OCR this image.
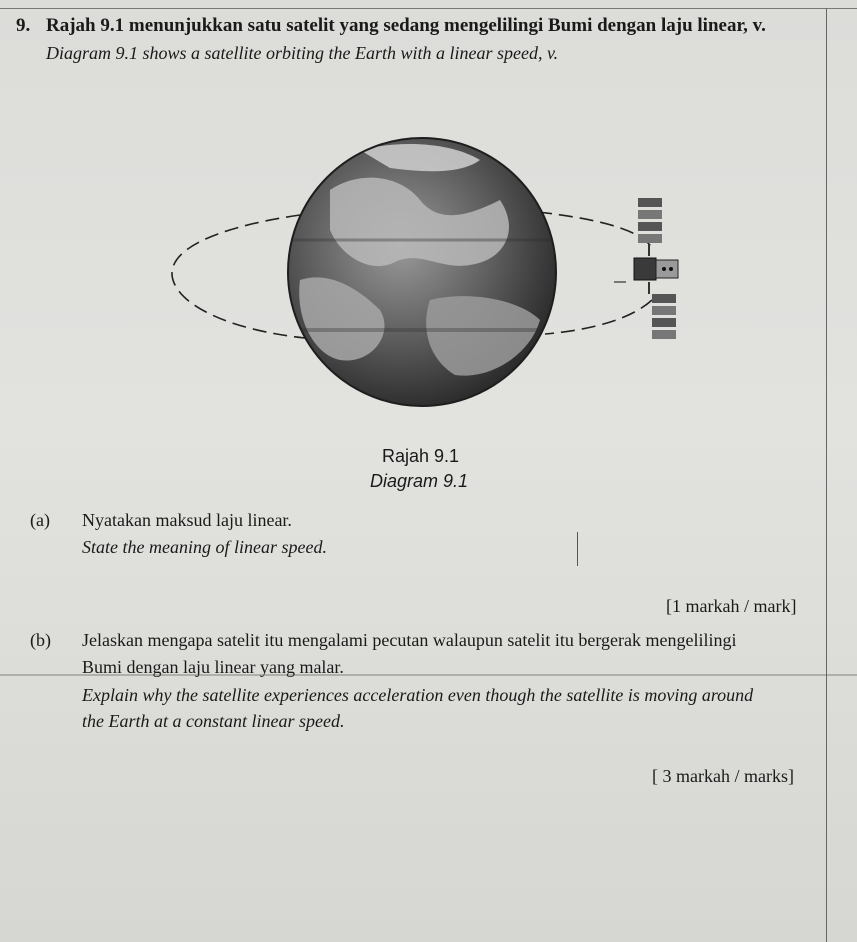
9. Rajah 9.1 menunjukkan satu satelit yang sedang mengelilingi Bumi dengan laju linear, v.
Diagram 9.1 shows a satellite orbiting the Earth with a linear speed, v.
Rajah 9.1
Diagram 9.1
(a) Nyatakan maksud laju linear.
State the meaning of linear speed.
[1 markah / mark]
(b) Jelaskan mengapa satelit itu mengalami pecutan walaupun satelit itu bergerak mengelilingi
Bumi dengan laju linear yang malar.
Explain why the satellite experiences acceleration even though the satellite is moving around
the Earth at a constant linear speed.
[ 3 markah / marks]
